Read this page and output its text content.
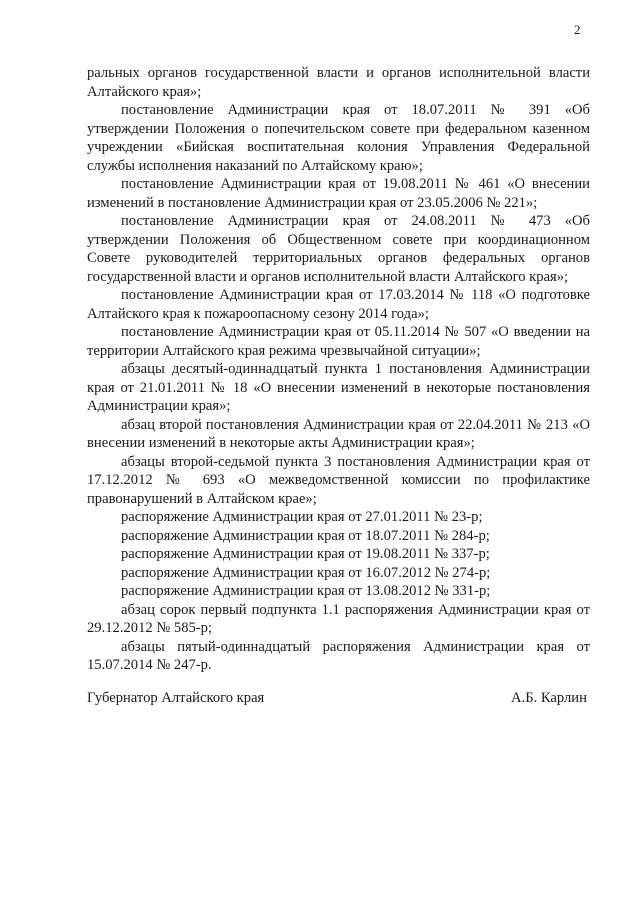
2

ральных органов государственной власти и органов исполнительной власти Алтайского края»;

постановление Администрации края от 18.07.2011 № 391 «Об утверждении Положения о попечительском совете при федеральном казенном учреждении «Бийская воспитательная колония Управления Федеральной службы исполнения наказаний по Алтайскому краю»;

постановление Администрации края от 19.08.2011 № 461 «О внесении изменений в постановление Администрации края от 23.05.2006 № 221»;

постановление Администрации края от 24.08.2011 № 473 «Об утверждении Положения об Общественном совете при координационном Совете руководителей территориальных органов федеральных органов государственной власти и органов исполнительной власти Алтайского края»;

постановление Администрации края от 17.03.2014 № 118 «О подготовке Алтайского края к пожароопасному сезону 2014 года»;

постановление Администрации края от 05.11.2014 № 507 «О введении на территории Алтайского края режима чрезвычайной ситуации»;

абзацы десятый-одиннадцатый пункта 1 постановления Администрации края от 21.01.2011 № 18 «О внесении изменений в некоторые постановления Администрации края»;

абзац второй постановления Администрации края от 22.04.2011 № 213 «О внесении изменений в некоторые акты Администрации края»;

абзацы второй-седьмой пункта 3 постановления Администрации края от 17.12.2012 № 693 «О межведомственной комиссии по профилактике правонарушений в Алтайском крае»;

распоряжение Администрации края от 27.01.2011 № 23-р;

распоряжение Администрации края от 18.07.2011 № 284-р;

распоряжение Администрации края от 19.08.2011 № 337-р;

распоряжение Администрации края от 16.07.2012 № 274-р;

распоряжение Администрации края от 13.08.2012 № 331-р;

абзац сорок первый подпункта 1.1 распоряжения Администрации края от 29.12.2012 № 585-р;

абзацы пятый-одиннадцатый распоряжения Администрации края от 15.07.2014 № 247-р.

Губернатор Алтайского края	А.Б. Карлин
